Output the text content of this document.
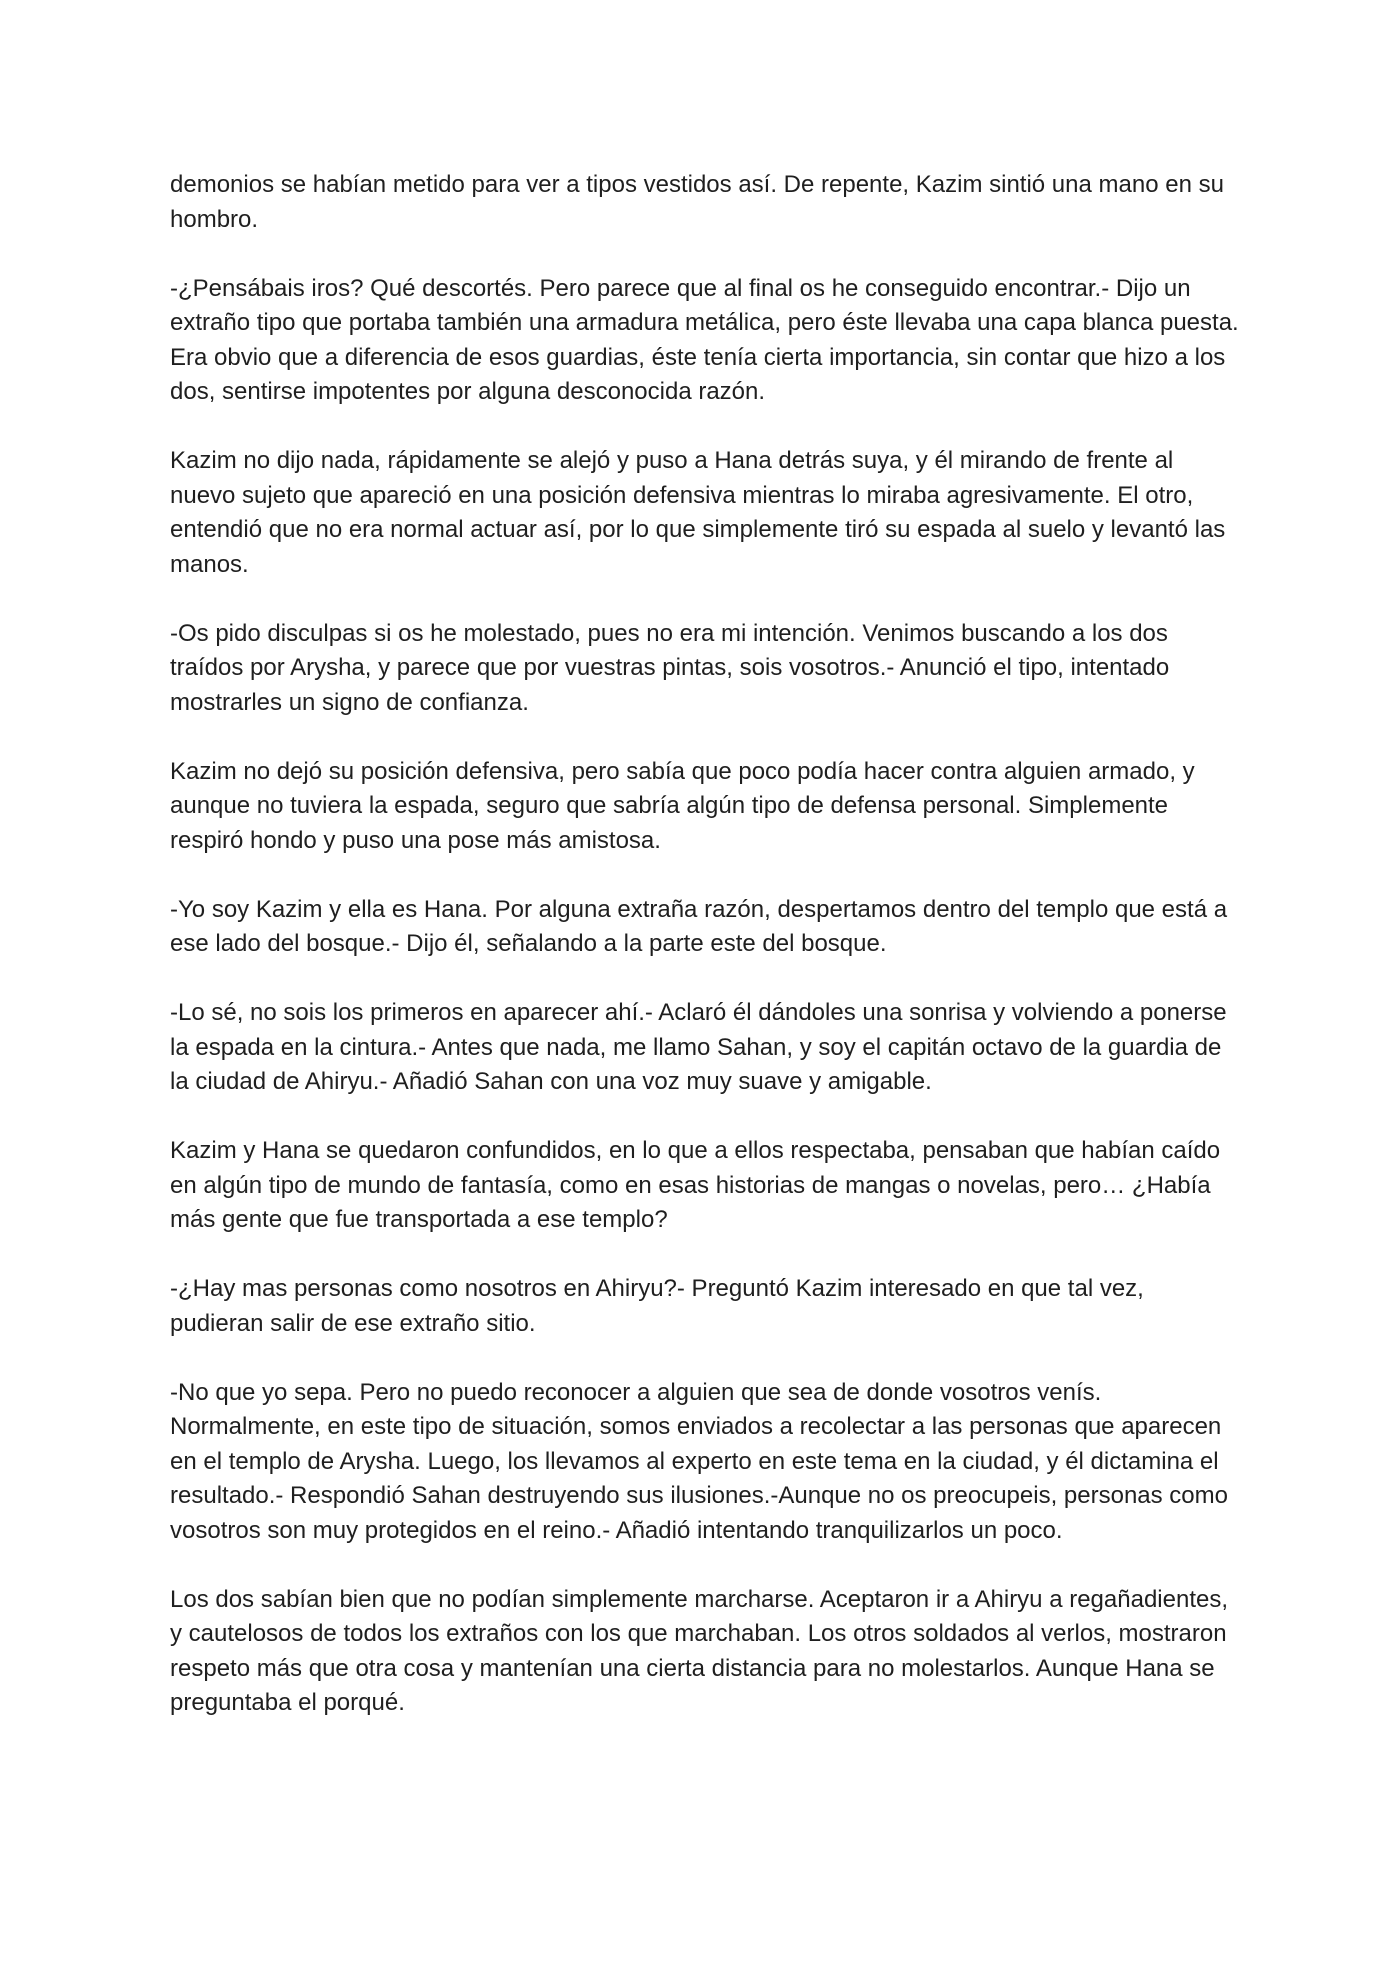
demonios se habían metido para ver a tipos vestidos así. De repente, Kazim sintió una mano en su hombro.

-¿Pensábais iros? Qué descortés. Pero parece que al final os he conseguido encontrar.- Dijo un extraño tipo que portaba también una armadura metálica, pero éste llevaba una capa blanca puesta. Era obvio que a diferencia de esos guardias, éste tenía cierta importancia, sin contar que hizo a los dos, sentirse impotentes por alguna desconocida razón.

Kazim no dijo nada, rápidamente se alejó y puso a Hana detrás suya, y él mirando de frente al nuevo sujeto que apareció en una posición defensiva mientras lo miraba agresivamente. El otro, entendió que no era normal actuar así, por lo que simplemente tiró su espada al suelo y levantó las manos.

-Os pido disculpas si os he molestado, pues no era mi intención. Venimos buscando a los dos traídos por Arysha, y parece que por vuestras pintas, sois vosotros.- Anunció el tipo, intentado mostrarles un signo de confianza.

Kazim no dejó su posición defensiva, pero sabía que poco podía hacer contra alguien armado, y aunque no tuviera la espada, seguro que sabría algún tipo de defensa personal. Simplemente respiró hondo y puso una pose más amistosa.

-Yo soy Kazim y ella es Hana. Por alguna extraña razón, despertamos dentro del templo que está a ese lado del bosque.- Dijo él, señalando a la parte este del bosque.

-Lo sé, no sois los primeros en aparecer ahí.- Aclaró él dándoles una sonrisa y volviendo a ponerse la espada en la cintura.- Antes que nada, me llamo Sahan, y soy el capitán octavo de la guardia de la ciudad de Ahiryu.- Añadió Sahan con una voz muy suave y amigable.

Kazim y Hana se quedaron confundidos, en lo que a ellos respectaba, pensaban que habían caído en algún tipo de mundo de fantasía, como en esas historias de mangas o novelas, pero… ¿Había más gente que fue transportada a ese templo?

-¿Hay mas personas como nosotros en Ahiryu?- Preguntó Kazim interesado en que tal vez, pudieran salir de ese extraño sitio.

-No que yo sepa. Pero no puedo reconocer a alguien que sea de donde vosotros venís. Normalmente, en este tipo de situación, somos enviados a recolectar a las personas que aparecen en el templo de Arysha. Luego, los llevamos al experto en este tema en la ciudad, y él dictamina el resultado.- Respondió Sahan destruyendo sus ilusiones.-Aunque no os preocupeis, personas como vosotros son muy protegidos en el reino.- Añadió intentando tranquilizarlos un poco.

Los dos sabían bien que no podían simplemente marcharse. Aceptaron ir a Ahiryu a regañadientes, y cautelosos de todos los extraños con los que marchaban. Los otros soldados al verlos, mostraron respeto más que otra cosa y mantenían una cierta distancia para no molestarlos. Aunque Hana se preguntaba el porqué.
